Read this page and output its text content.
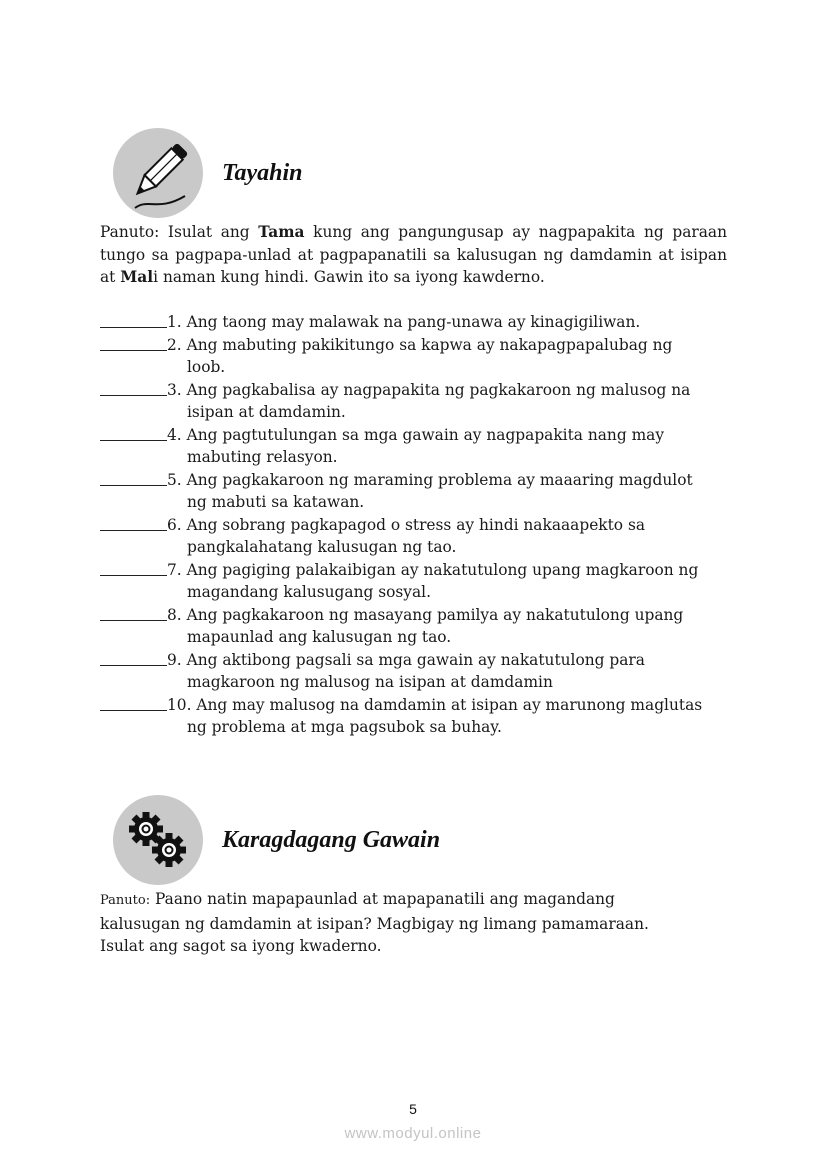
Tayahin
Panuto: Isulat ang Tama kung ang pangungusap ay nagpapakita ng paraan tungo sa pagpapa-unlad at pagpapanatili sa kalusugan ng damdamin at isipan at Mali naman kung hindi. Gawin ito sa iyong kawderno.
1. Ang taong may malawak na pang-unawa ay kinagigiliwan.
2. Ang mabuting pakikitungo sa kapwa ay nakapagpapalubag ng
loob.
3. Ang pagkabalisa ay nagpapakita ng pagkakaroon ng malusog na
isipan at damdamin.
4. Ang pagtutulungan sa mga gawain ay nagpapakita nang may
mabuting relasyon.
5. Ang pagkakaroon ng maraming problema ay maaaring magdulot
ng mabuti sa katawan.
6. Ang sobrang pagkapagod o stress ay hindi nakaaapekto sa
pangkalahatang kalusugan ng tao.
7. Ang pagiging palakaibigan ay nakatutulong upang magkaroon ng
magandang kalusugang sosyal.
8. Ang pagkakaroon ng masayang pamilya ay nakatutulong upang
mapaunlad ang kalusugan ng tao.
9. Ang aktibong pagsali sa mga gawain ay nakatutulong para
magkaroon ng malusog na isipan at damdamin
10. Ang may malusog na damdamin at isipan ay marunong maglutas
ng problema at mga pagsubok sa buhay.
Karagdagang Gawain
Panuto: Paano natin mapapaunlad at mapapanatili ang magandang
kalusugan ng damdamin at isipan? Magbigay ng limang pamamaraan.
Isulat ang sagot sa iyong kwaderno.
5
www.modyul.online
